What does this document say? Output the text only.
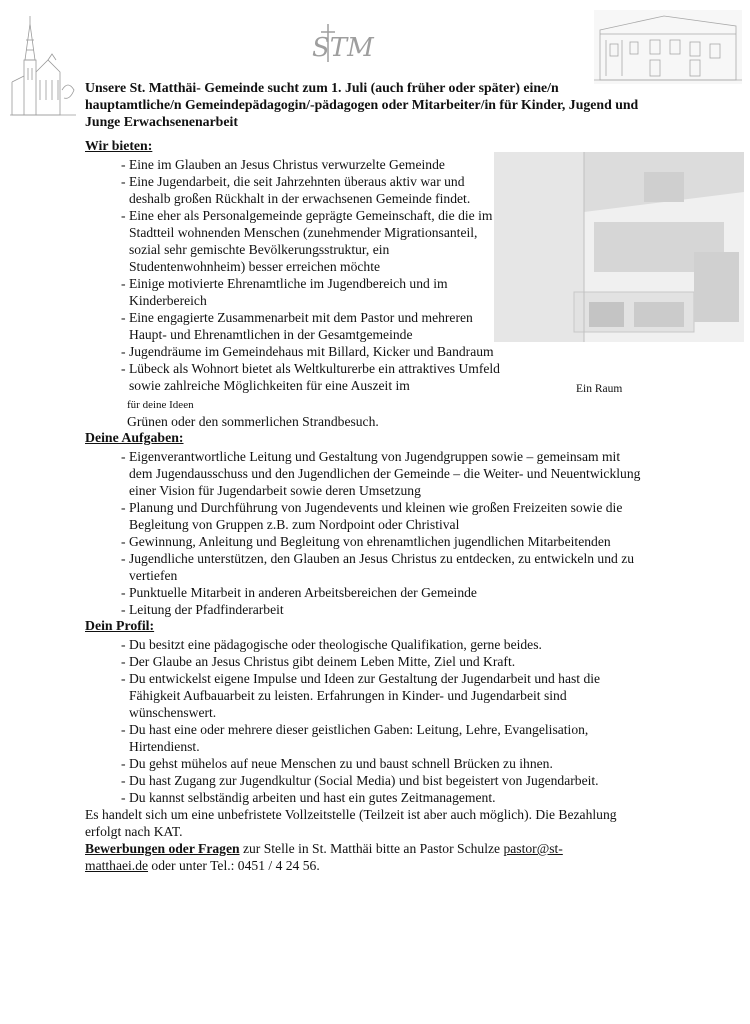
STM
Unsere St. Matthäi- Gemeinde sucht zum 1. Juli (auch früher oder später) eine/n hauptamtliche/n Gemeindepädagogin/-pädagogen oder Mitarbeiter/in für Kinder, Jugend und Junge Erwachsenenarbeit
Wir bieten:
- Eine im Glauben an Jesus Christus verwurzelte Gemeinde
- Eine Jugendarbeit, die seit Jahrzehnten überaus aktiv war und deshalb großen Rückhalt in der erwachsenen Gemeinde findet.
- Eine eher als Personalgemeinde geprägte Gemeinschaft, die die im Stadtteil wohnenden Menschen (zunehmender Migrationsanteil, sozial sehr gemischte Bevölkerungsstruktur, ein Studentenwohnheim) besser erreichen möchte
- Einige motivierte Ehrenamtliche im Jugendbereich und im Kinderbereich
- Eine engagierte Zusammenarbeit mit dem Pastor und mehreren Haupt- und Ehrenamtlichen in der Gesamtgemeinde
- Jugendräume im Gemeindehaus mit Billard, Kicker und Bandraum
- Lübeck als Wohnort bietet als Weltkulturerbe ein attraktives Umfeld sowie zahlreiche Möglichkeiten für eine Auszeit im	Ein Raum
für deine Ideen
Grünen oder den sommerlichen Strandbesuch.
Deine Aufgaben:
- Eigenverantwortliche Leitung und Gestaltung von Jugendgruppen sowie – gemeinsam mit dem Jugendausschuss und den Jugendlichen der Gemeinde – die Weiter- und Neuentwicklung einer Vision für Jugendarbeit sowie deren Umsetzung
- Planung und Durchführung von Jugendevents und kleinen wie großen Freizeiten sowie die Begleitung von Gruppen z.B. zum Nordpoint oder Christival
- Gewinnung, Anleitung und Begleitung von ehrenamtlichen jugendlichen Mitarbeitenden
- Jugendliche unterstützen, den Glauben an Jesus Christus zu entdecken, zu entwickeln und zu vertiefen
- Punktuelle Mitarbeit in anderen Arbeitsbereichen der Gemeinde
- Leitung der Pfadfinderarbeit
Dein Profil:
- Du besitzt eine pädagogische oder theologische Qualifikation, gerne beides.
- Der Glaube an Jesus Christus gibt deinem Leben Mitte, Ziel und Kraft.
- Du entwickelst eigene Impulse und Ideen zur Gestaltung der Jugendarbeit und hast die Fähigkeit Aufbauarbeit zu leisten. Erfahrungen in Kinder- und Jugendarbeit sind wünschenswert.
- Du hast eine oder mehrere dieser geistlichen Gaben: Leitung, Lehre, Evangelisation, Hirtendienst.
- Du gehst mühelos auf neue Menschen zu und baust schnell Brücken zu ihnen.
- Du hast Zugang zur Jugendkultur (Social Media) und bist begeistert von Jugendarbeit.
- Du kannst selbständig arbeiten und hast ein gutes Zeitmanagement.
Es handelt sich um eine unbefristete Vollzeitstelle (Teilzeit ist aber auch möglich). Die Bezahlung erfolgt nach KAT.
Bewerbungen oder Fragen zur Stelle in St. Matthäi bitte an Pastor Schulze pastor@st-matthaei.de oder unter Tel.: 0451 / 4 24 56.
